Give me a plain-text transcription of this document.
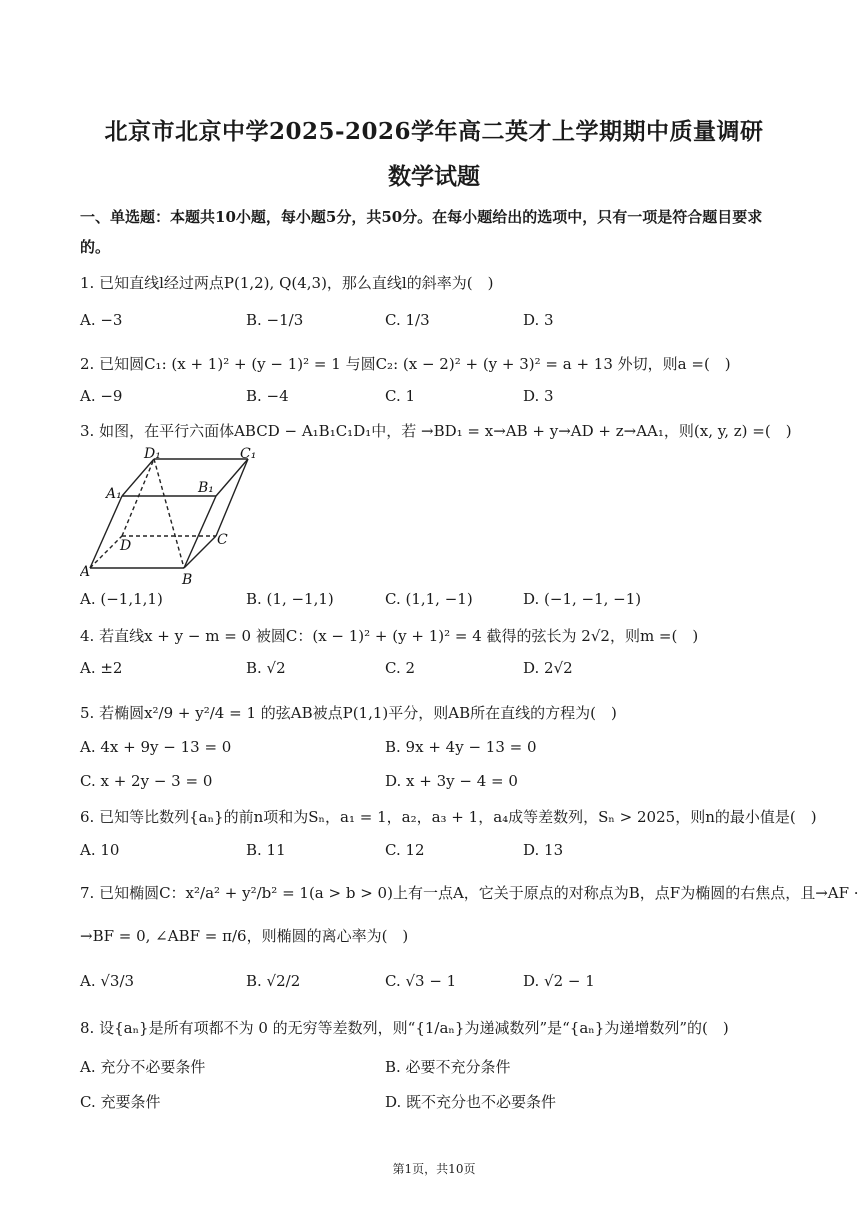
北京市北京中学2025-2026学年高二英才上学期期中质量调研
数学试题
一、单选题：本题共10小题，每小题5分，共50分。在每小题给出的选项中，只有一项是符合题目要求的。
1. 已知直线l经过两点P(1,2), Q(4,3)，那么直线l的斜率为(　)
A. −3	B. −1/3	C. 1/3	D. 3
2. 已知圆C₁: (x + 1)² + (y − 1)² = 1 与圆C₂: (x − 2)² + (y + 3)² = a + 13 外切，则a =(　)
A. −9	B. −4	C. 1	D. 3
3. 如图，在平行六面体ABCD − A₁B₁C₁D₁中，若 →BD₁ = x→AB + y→AD + z→AA₁，则(x, y, z) =(　)
A	B
C
D
A₁	B₁
C₁
D₁
A. (−1,1,1)	B. (1, −1,1)	C. (1,1, −1)	D. (−1, −1, −1)
4. 若直线x + y − m = 0 被圆C：(x − 1)² + (y + 1)² = 4 截得的弦长为 2√2，则m =(　)
A. ±2	B. √2	C. 2	D. 2√2
5. 若椭圆x²/9 + y²/4 = 1 的弦AB被点P(1,1)平分，则AB所在直线的方程为(　)
A. 4x + 9y − 13 = 0	B. 9x + 4y − 13 = 0
C. x + 2y − 3 = 0	D. x + 3y − 4 = 0
6. 已知等比数列{aₙ}的前n项和为Sₙ，a₁ = 1，a₂，a₃ + 1，a₄成等差数列，Sₙ > 2025，则n的最小值是(　)
A. 10	B. 11	C. 12	D. 13
7. 已知椭圆C：x²/a² + y²/b² = 1(a > b > 0)上有一点A，它关于原点的对称点为B，点F为椭圆的右焦点，且→AF ·
→BF = 0, ∠ABF = π/6，则椭圆的离心率为(　)
A. √3/3	B. √2/2	C. √3 − 1	D. √2 − 1
8. 设{aₙ}是所有项都不为 0 的无穷等差数列，则“{1/aₙ}为递减数列”是“{aₙ}为递增数列”的(　)
A. 充分不必要条件	B. 必要不充分条件
C. 充要条件	D. 既不充分也不必要条件
第1页，共10页
